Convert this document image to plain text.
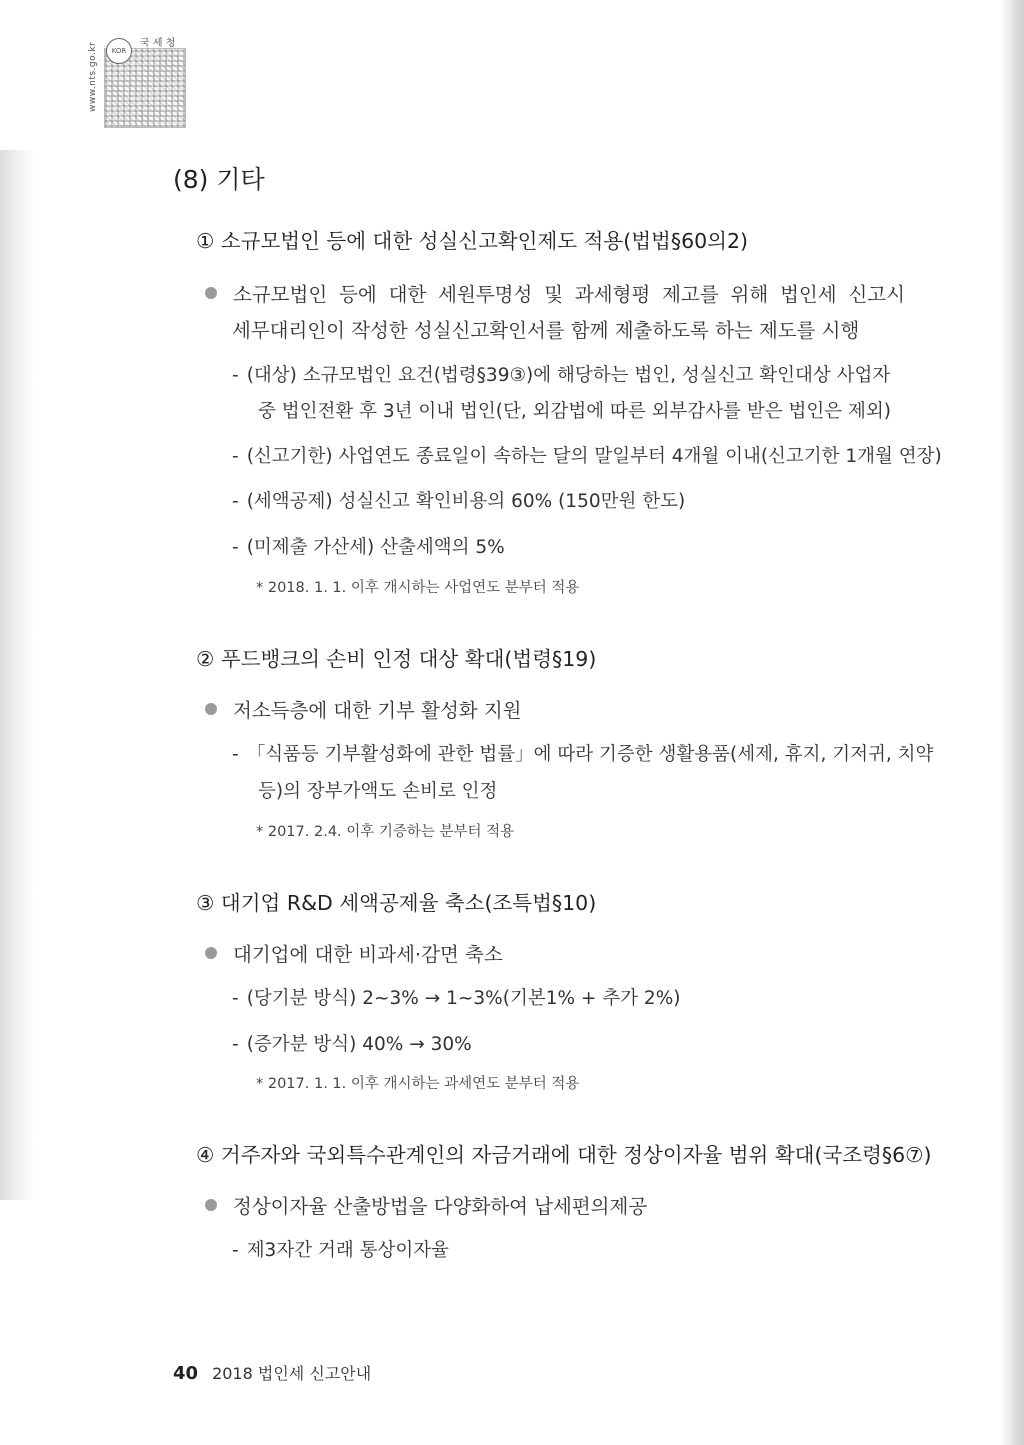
KOR
국 세 청
www.nts.go.kr
(8) 기타
① 소규모법인 등에 대한 성실신고확인제도 적용(법법§60의2)
소규모법인 등에 대한 세원투명성 및 과세형평 제고를 위해 법인세 신고시
세무대리인이 작성한 성실신고확인서를 함께 제출하도록 하는 제도를 시행
- (대상) 소규모법인 요건(법령§39③)에 해당하는 법인, 성실신고 확인대상 사업자
중 법인전환 후 3년 이내 법인(단, 외감법에 따른 외부감사를 받은 법인은 제외)
- (신고기한) 사업연도 종료일이 속하는 달의 말일부터 4개월 이내(신고기한 1개월 연장)
- (세액공제) 성실신고 확인비용의 60% (150만원 한도)
- (미제출 가산세) 산출세액의 5%
* 2018. 1. 1. 이후 개시하는 사업연도 분부터 적용
② 푸드뱅크의 손비 인정 대상 확대(법령§19)
저소득층에 대한 기부 활성화 지원
- 「식품등 기부활성화에 관한 법률」에 따라 기증한 생활용품(세제, 휴지, 기저귀, 치약
등)의 장부가액도 손비로 인정
* 2017. 2.4. 이후 기증하는 분부터 적용
③ 대기업 R&D 세액공제율 축소(조특법§10)
대기업에 대한 비과세·감면 축소
- (당기분 방식) 2~3% → 1~3%(기본1% + 추가 2%)
- (증가분 방식) 40% → 30%
* 2017. 1. 1. 이후 개시하는 과세연도 분부터 적용
④ 거주자와 국외특수관계인의 자금거래에 대한 정상이자율 범위 확대(국조령§6⑦)
정상이자율 산출방법을 다양화하여 납세편의제공
- 제3자간 거래 통상이자율
40 2018 법인세 신고안내
